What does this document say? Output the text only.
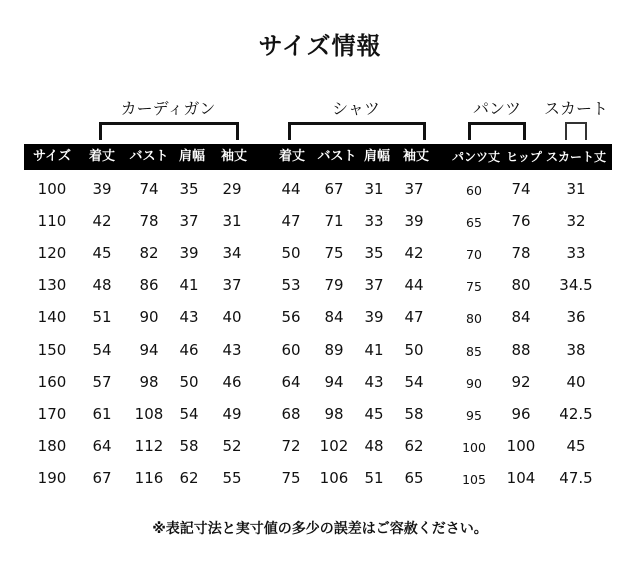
サイズ情報
カーディガン	シャツ	パンツ スカート
サイズ 着丈 バスト 肩幅 袖丈 着丈 バスト 肩幅 袖丈 パンツ丈 ヒップ スカート丈
100 39 74 35 29	44 67 31 37	60 74 31
110 42 78 37 31	47 71 33 39	65 76 32
120 45 82 39 34	50 75 35 42	70 78 33
130 48 86 41 37	53 79 37 44	75 80 34.5
140 51 90 43 40	56 84 39 47	80 84 36
150 54 94 46 43	60 89 41 50	85 88 38
160 57 98 50 46	64 94 43 54	90 92 40
170 61 108 54 49	68 98 45 58	95 96 42.5
180 64 112 58 52	72 102 48 62	100 100 45
190 67 116 62 55	75 106 51 65	105 104 47.5
※表記寸法と実寸値の多少の誤差はご容赦ください。
